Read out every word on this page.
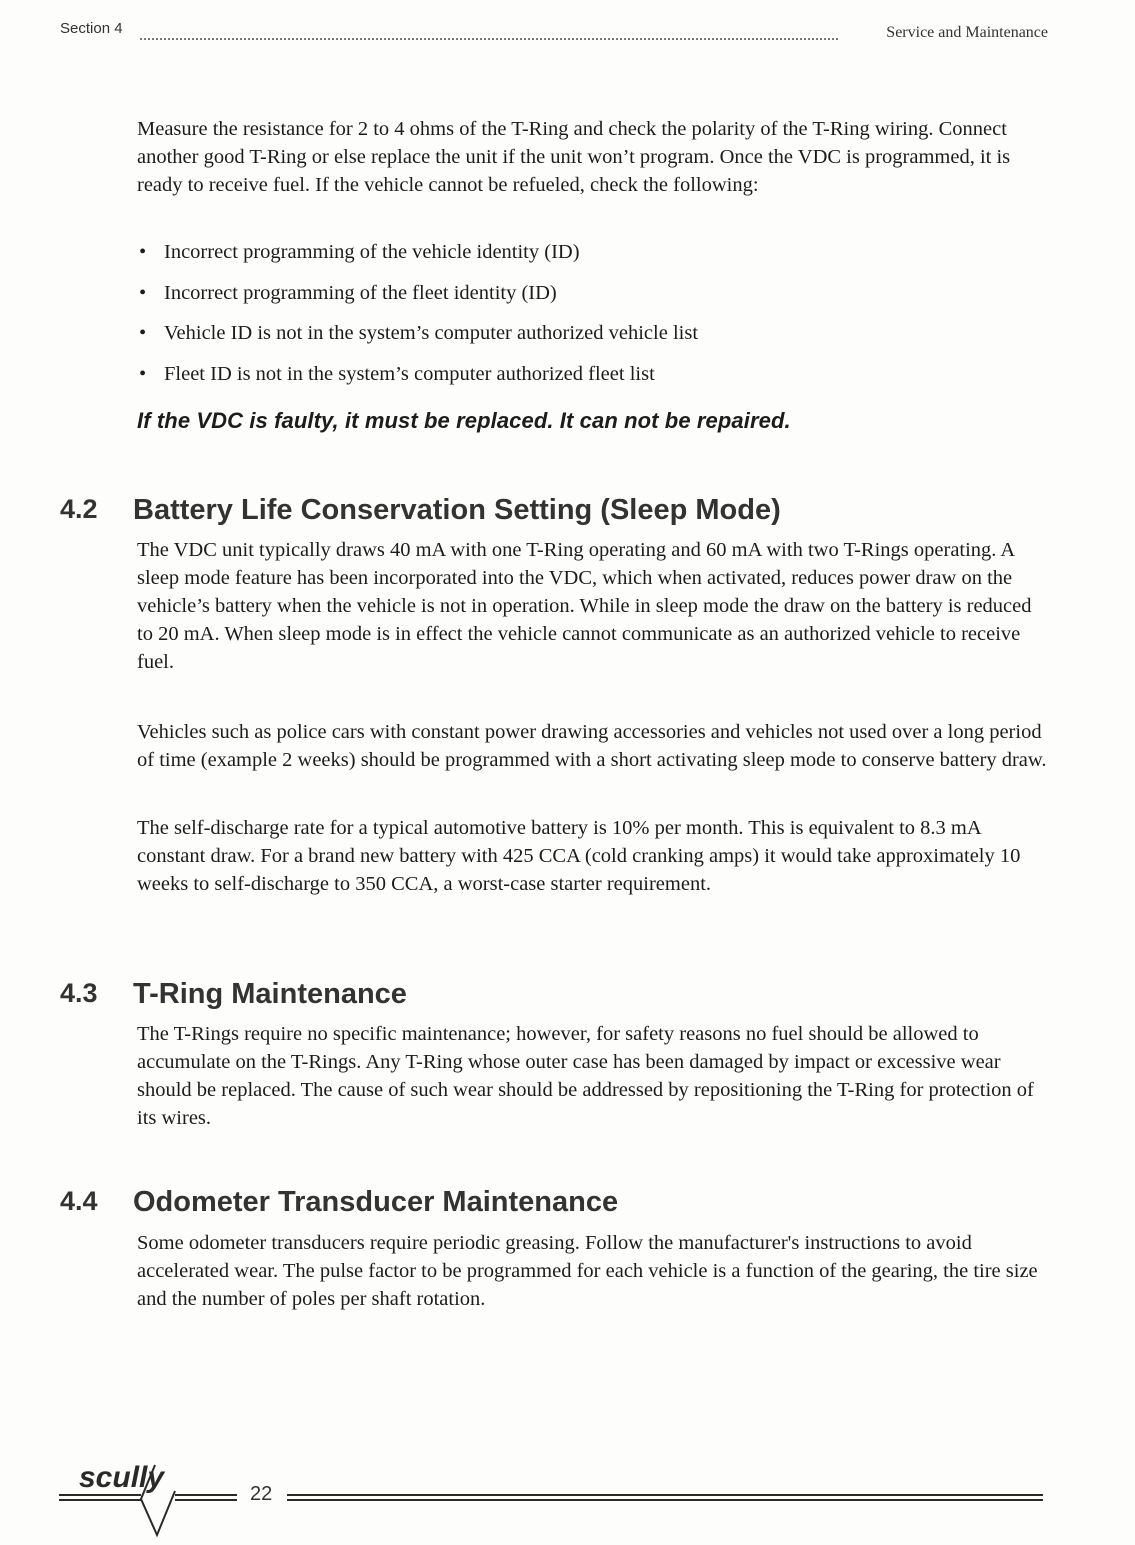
Section 4	Service and Maintenance

Measure the resistance for 2 to 4 ohms of the T-Ring and check the polarity of the T-Ring wiring. Connect another good T-Ring or else replace the unit if the unit won’t program. Once the VDC is programmed, it is ready to receive fuel. If the vehicle cannot be refueled, check the following:

• Incorrect programming of the vehicle identity (ID)
• Incorrect programming of the fleet identity (ID)
• Vehicle ID is not in the system’s computer authorized vehicle list
• Fleet ID is not in the system’s computer authorized fleet list
If the VDC is faulty, it must be replaced. It can not be repaired.
4.2 Battery Life Conservation Setting (Sleep Mode)

The VDC unit typically draws 40 mA with one T-Ring operating and 60 mA with two T-Rings operating. A sleep mode feature has been incorporated into the VDC, which when activated, reduces power draw on the vehicle’s battery when the vehicle is not in operation. While in sleep mode the draw on the battery is reduced to 20 mA. When sleep mode is in effect the vehicle cannot communicate as an authorized vehicle to receive fuel.

Vehicles such as police cars with constant power drawing accessories and vehicles not used over a long period of time (example 2 weeks) should be programmed with a short activating sleep mode to conserve battery draw.

The self-discharge rate for a typical automotive battery is 10% per month. This is equivalent to 8.3 mA constant draw. For a brand new battery with 425 CCA (cold cranking amps) it would take approximately 10 weeks to self-discharge to 350 CCA, a worst-case starter requirement.

4.3 T-Ring Maintenance

The T-Rings require no specific maintenance; however, for safety reasons no fuel should be allowed to accumulate on the T-Rings. Any T-Ring whose outer case has been damaged by impact or excessive wear should be replaced. The cause of such wear should be addressed by repositioning the T-Ring for protection of its wires.

4.4 Odometer Transducer Maintenance

Some odometer transducers require periodic greasing. Follow the manufacturer's instructions to avoid accelerated wear. The pulse factor to be programmed for each vehicle is a function of the gearing, the tire size and the number of poles per shaft rotation.

scully	22
